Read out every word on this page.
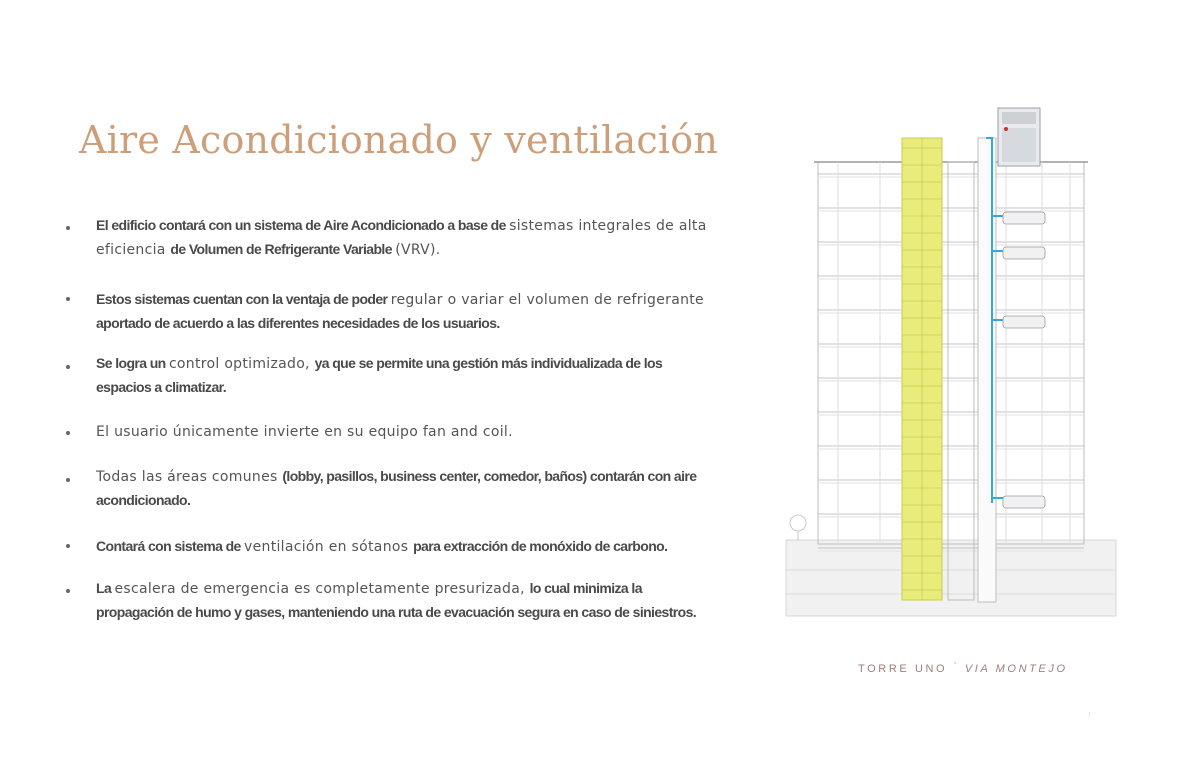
Aire Acondicionado y ventilación
El edificio contará con un sistema de Aire Acondicionado a base de sistemas integrales de alta eficiencia de Volumen de Refrigerante Variable (VRV).
Estos sistemas cuentan con la ventaja de poder regular o variar el volumen de refrigerante aportado de acuerdo a las diferentes necesidades de los usuarios.
Se logra un control optimizado, ya que se permite una gestión más individualizada de los espacios a climatizar.
El usuario únicamente invierte en su equipo fan and coil.
Todas las áreas comunes (lobby, pasillos, business center, comedor, baños) contarán con aire acondicionado.
Contará con sistema de ventilación en sótanos para extracción de monóxido de carbono.
La escalera de emergencia es completamente presurizada, lo cual minimiza la propagación de humo y gases, manteniendo una ruta de evacuación segura en caso de siniestros.
TORRE UNO · VIA MONTEJO
